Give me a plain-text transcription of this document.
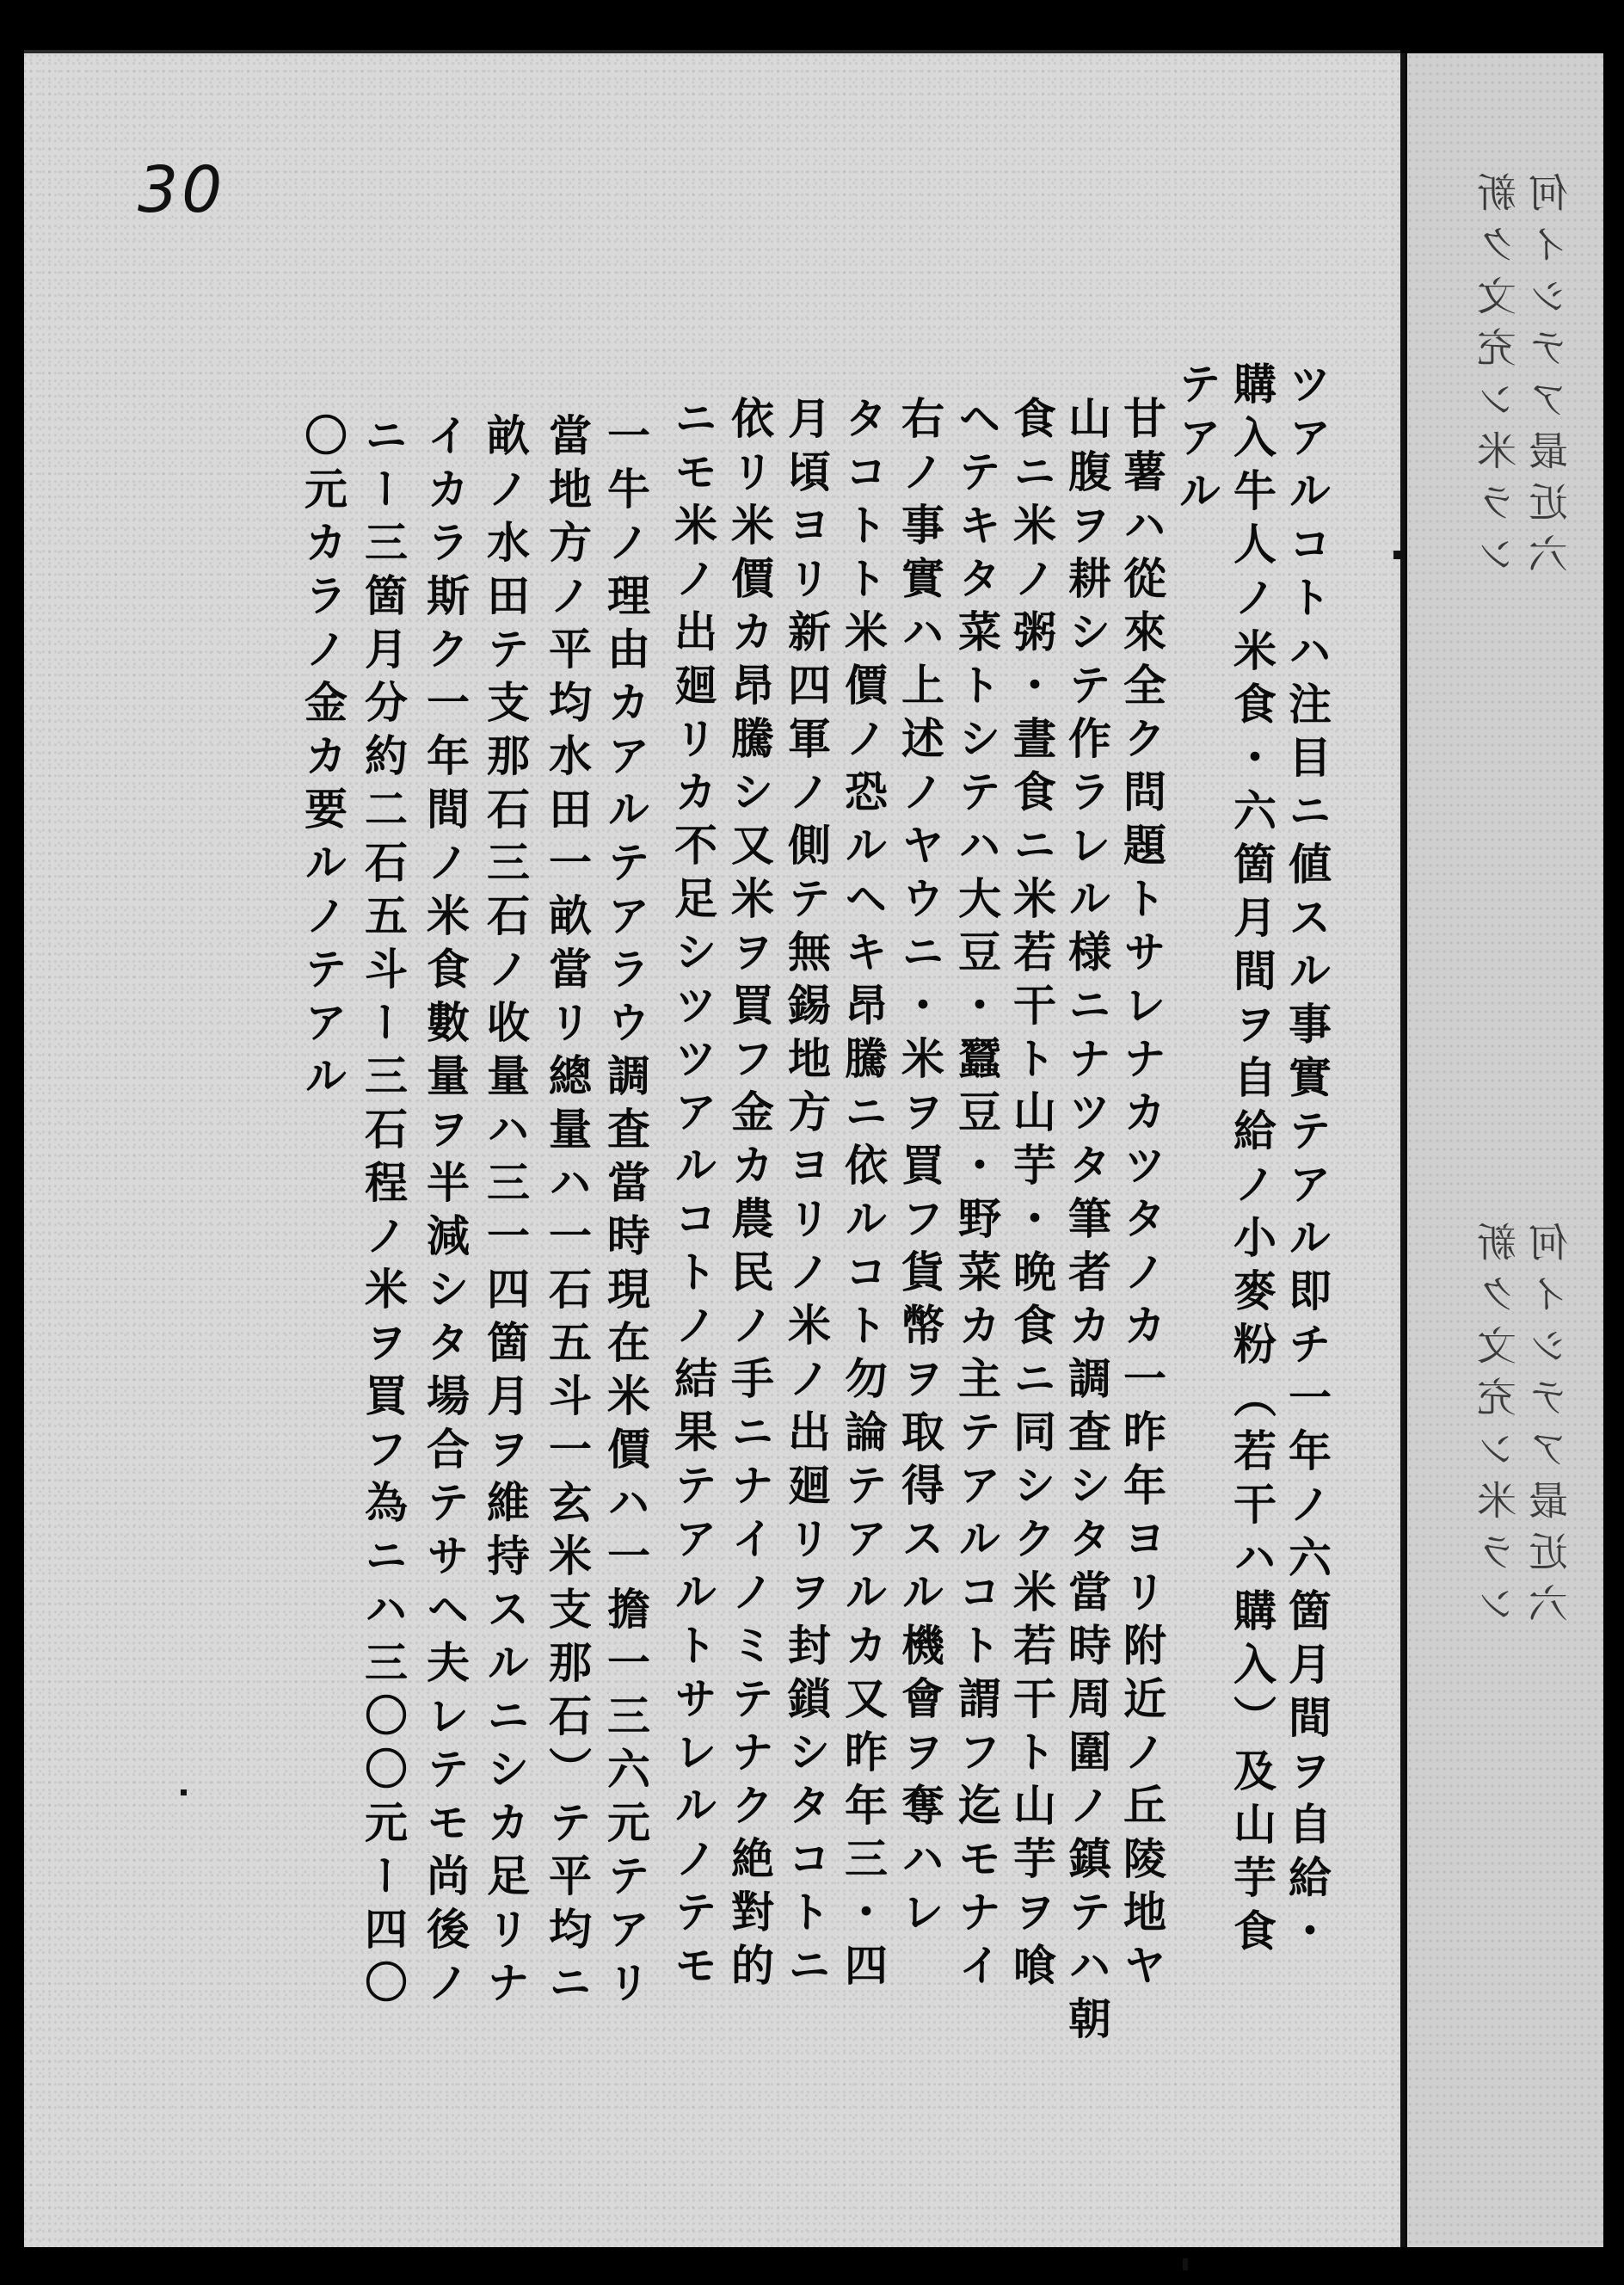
30
ツアルコトハ注目ニ値スル事實テアル即チ一年ノ六箇月間ヲ自給・
購入牛人ノ米食・六箇月間ヲ自給ノ小麥粉（若干ハ購入）及山芋食
テアル
甘薯ハ從來全ク問題トサレナカツタノカ一昨年ヨリ附近ノ丘陵地ヤ
山腹ヲ耕シテ作ラレル様ニナツタ筆者カ調査シタ當時周圍ノ鎮テハ朝
食ニ米ノ粥・晝食ニ米若干ト山芋・晩食ニ同シク米若干ト山芋ヲ喰
ヘテキタ菜トシテハ大豆・蠶豆・野菜カ主テアルコト謂フ迄モナイ
右ノ事實ハ上述ノヤウニ・米ヲ買フ貨幣ヲ取得スル機會ヲ奪ハレ
タコトト米價ノ恐ルヘキ昂騰ニ依ルコト勿論テアルカ又昨年三・四
月頃ヨリ新四軍ノ側テ無錫地方ヨリノ米ノ出廻リヲ封鎖シタコトニ
依リ米價カ昂騰シ又米ヲ買フ金カ農民ノ手ニナイノミテナク絶對的
ニモ米ノ出廻リカ不足シツツアルコトノ結果テアルトサレルノテモ
一牛ノ理由カアルテアラウ調査當時現在米價ハ一擔一三六元テアリ
當地方ノ平均水田一畝當リ總量ハ一石五斗一玄米支那石）テ平均ニ
畝ノ水田テ支那石三石ノ收量ハ三一四箇月ヲ維持スルニシカ足リナ
イカラ斯ク一年間ノ米食數量ヲ半減シタ場合テサヘ夫レテモ尚後ノ
ニー三箇月分約二石五斗ー三石程ノ米ヲ買フ為ニハ三〇〇元ー四〇
〇元カラノ金カ要ルノテアル
何イシテア最近六
新ク文充ン米ラン
何イシテア最近六
新ク文充ン米ラン
